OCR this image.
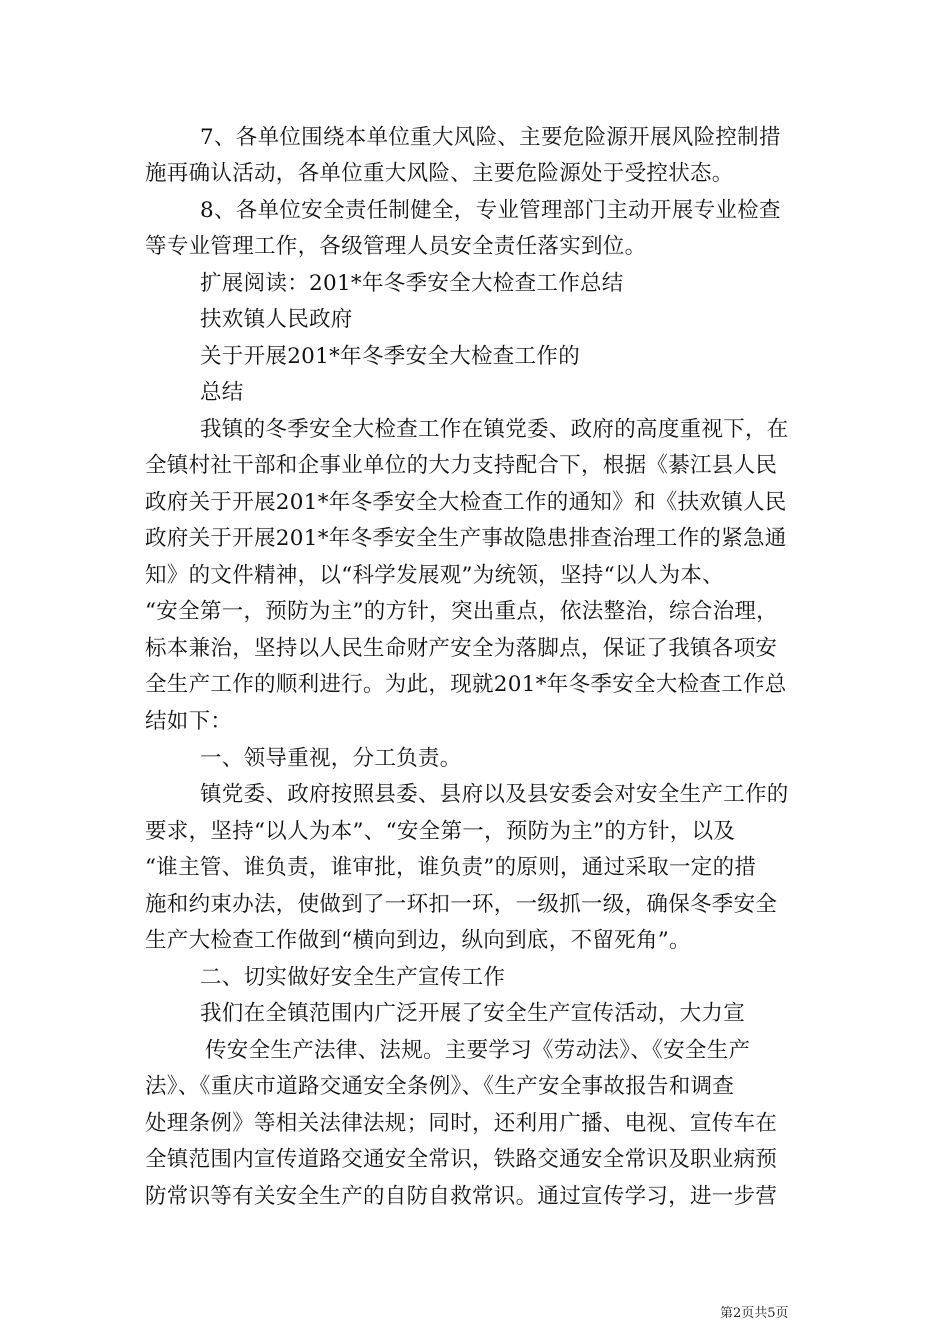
7、各单位围绕本单位重大风险、主要危险源开展风险控制措
施再确认活动，各单位重大风险、主要危险源处于受控状态。
8、各单位安全责任制健全，专业管理部门主动开展专业检查
等专业管理工作，各级管理人员安全责任落实到位。
扩展阅读：201*年冬季安全大检查工作总结
扶欢镇人民政府
关于开展201*年冬季安全大检查工作的
总结
我镇的冬季安全大检查工作在镇党委、政府的高度重视下，在
全镇村社干部和企事业单位的大力支持配合下，根据《綦江县人民
政府关于开展201*年冬季安全大检查工作的通知》和《扶欢镇人民
政府关于开展201*年冬季安全生产事故隐患排查治理工作的紧急通
知》的文件精神，以“科学发展观”为统领，坚持“以人为本、
“安全第一，预防为主”的方针，突出重点，依法整治，综合治理，
标本兼治，坚持以人民生命财产安全为落脚点，保证了我镇各项安
全生产工作的顺利进行。为此，现就201*年冬季安全大检查工作总
结如下：
一、领导重视，分工负责。
镇党委、政府按照县委、县府以及县安委会对安全生产工作的
要求，坚持“以人为本”、“安全第一，预防为主”的方针，以及
“谁主管、谁负责，谁审批，谁负责”的原则，通过采取一定的措
施和约束办法，使做到了一环扣一环，一级抓一级，确保冬季安全
生产大检查工作做到“横向到边，纵向到底，不留死角”。
二、切实做好安全生产宣传工作
我们在全镇范围内广泛开展了安全生产宣传活动，大力宣
传安全生产法律、法规。主要学习《劳动法》、《安全生产
法》、《重庆市道路交通安全条例》、《生产安全事故报告和调查
处理条例》等相关法律法规；同时，还利用广播、电视、宣传车在
全镇范围内宣传道路交通安全常识，铁路交通安全常识及职业病预
防常识等有关安全生产的自防自救常识。通过宣传学习，进一步营
第2页共5页
